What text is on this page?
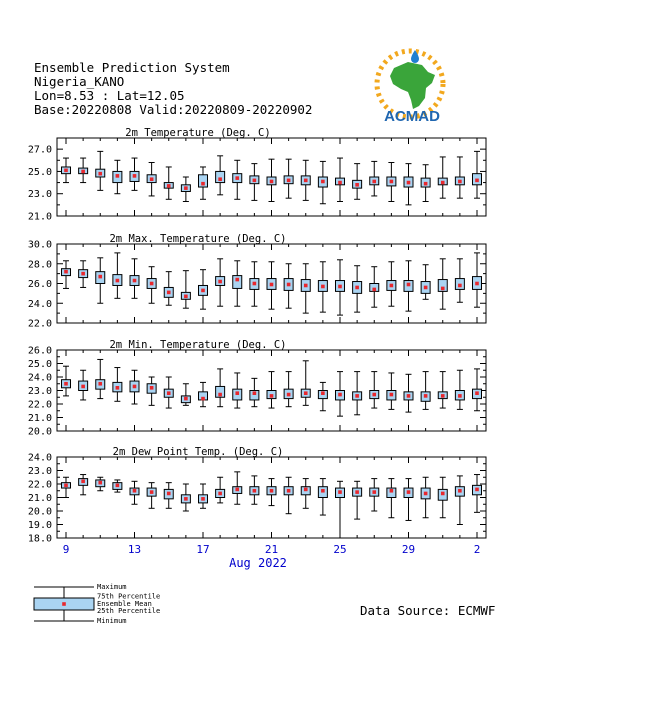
Ensemble Prediction System
Nigeria_KANO
Lon=8.53 : Lat=12.05
Base:20220808 Valid:20220809-20220902	ACMAD
2m Temperature (Deg. C)
21.0
23.0
25.0
27.0
2m Max. Temperature (Deg. C)
22.0
24.0
26.0
28.0
30.0
2m Min. Temperature (Deg. C)
20.0
21.0
22.0
23.0
24.0
25.0
26.0
2m Dew Point Temp. (Deg. C)
18.0
19.0
20.0
21.0
22.0
23.0
24.0
9	13	17	21	25	29	2
Aug 2022
Maximum
75th Percentile
Ensemble Mean
25th Percentile
Minimum
Data Source: ECMWF
